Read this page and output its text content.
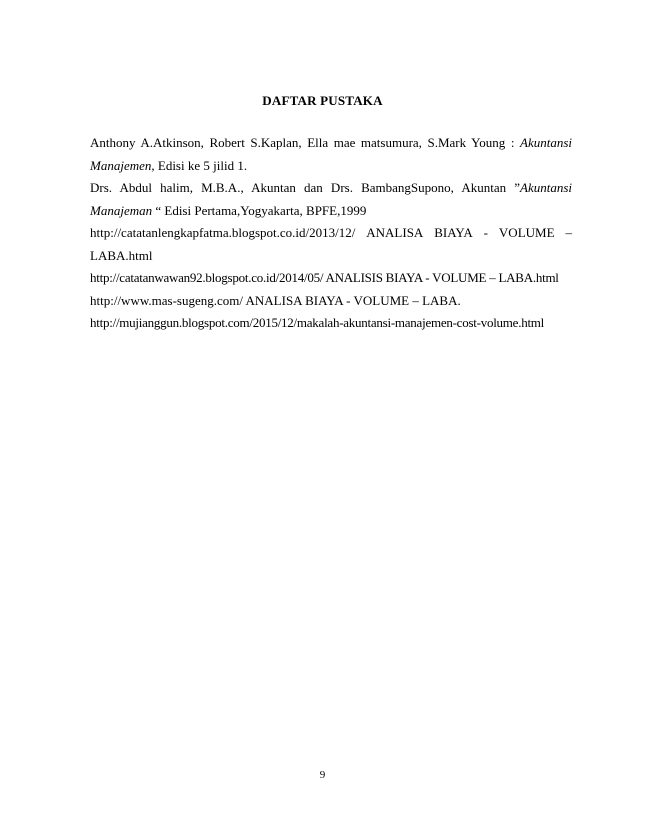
DAFTAR PUSTAKA

Anthony A.Atkinson, Robert S.Kaplan, Ella mae matsumura, S.Mark Young : Akuntansi Manajemen, Edisi ke 5 jilid 1.

Drs. Abdul halim, M.B.A., Akuntan dan Drs. BambangSupono, Akuntan ”Akuntansi Manajeman “ Edisi Pertama,Yogyakarta, BPFE,1999

http://catatanlengkapfatma.blogspot.co.id/2013/12/ ANALISA BIAYA - VOLUME –
LABA.html

http://catatanwawan92.blogspot.co.id/2014/05/ ANALISIS BIAYA - VOLUME – LABA.html

http://www.mas-sugeng.com/ ANALISA BIAYA - VOLUME – LABA.

http://mujianggun.blogspot.com/2015/12/makalah-akuntansi-manajemen-cost-volume.html

9
